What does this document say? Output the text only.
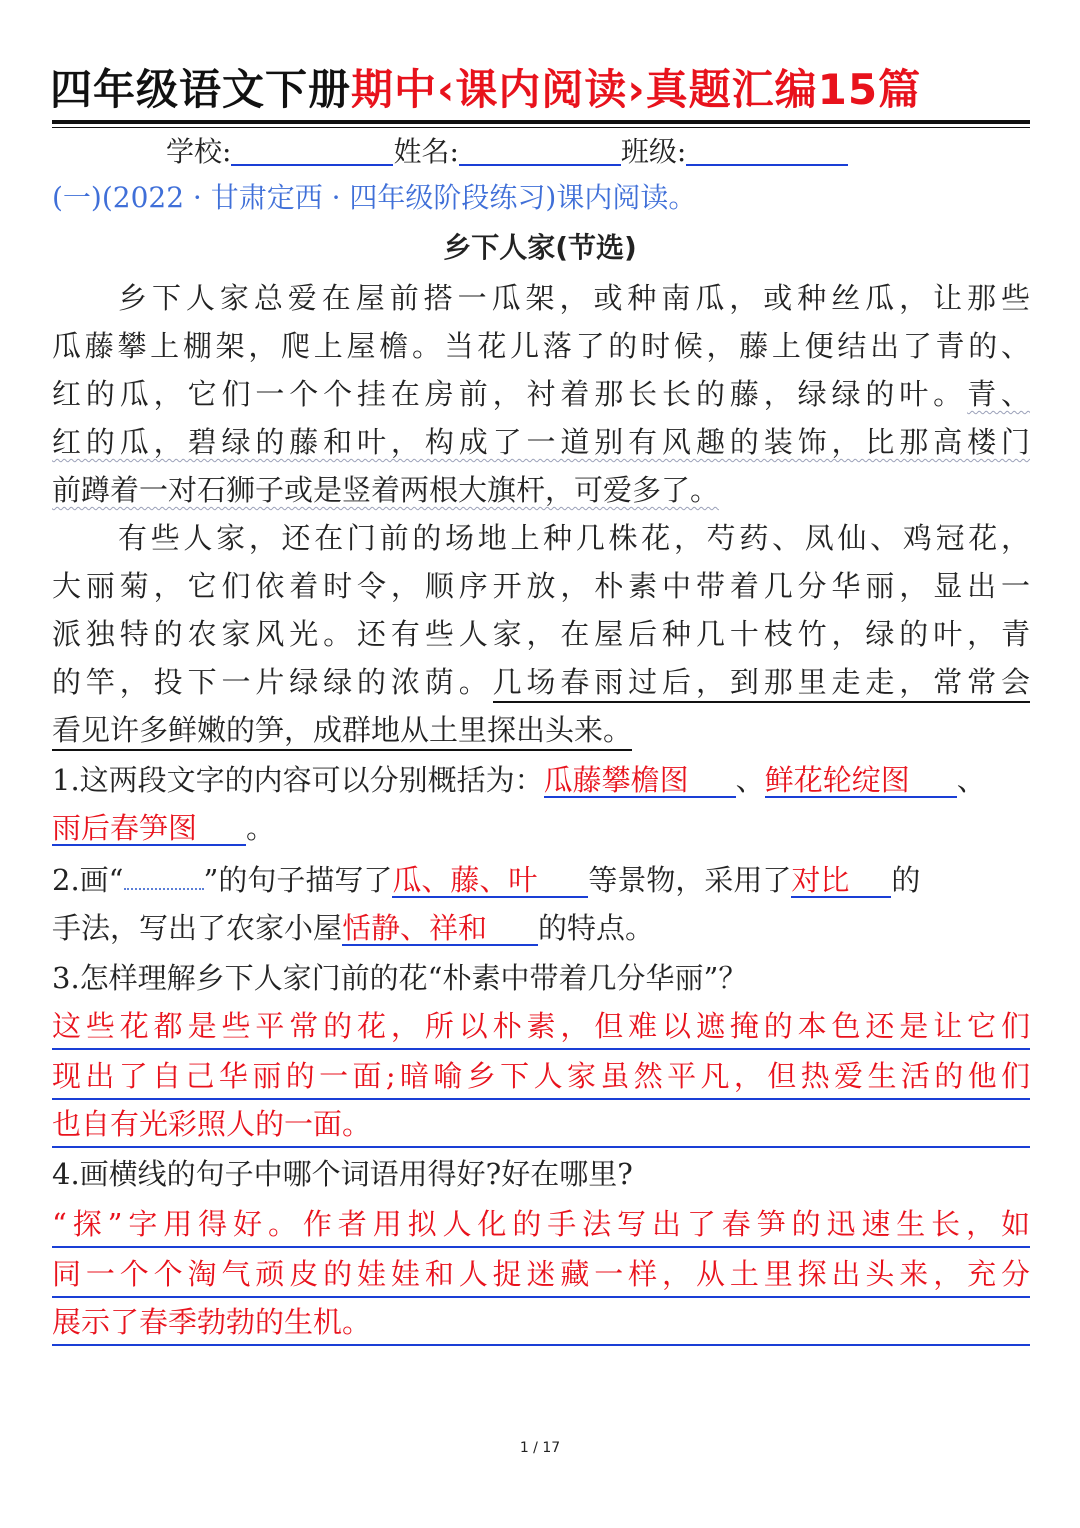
四年级语文下册期中‹课内阅读›真题汇编15篇
学校:	姓名:	班级:
(一)(2022 · 甘肃定西 · 四年级阶段练习)课内阅读。
乡下人家(节选)
乡下人家总爱在屋前搭一瓜架，或种南瓜，或种丝瓜，让那些
瓜藤攀上棚架，爬上屋檐。当花儿落了的时候，藤上便结出了青的、
红的瓜，它们一个个挂在房前，衬着那长长的藤，绿绿的叶。青、
红的瓜，碧绿的藤和叶，构成了一道别有风趣的装饰，比那高楼门
前蹲着一对石狮子或是竖着两根大旗杆，可爱多了。
有些人家，还在门前的场地上种几株花，芍药、凤仙、鸡冠花，
大丽菊，它们依着时令，顺序开放，朴素中带着几分华丽，显出一
派独特的农家风光。还有些人家，在屋后种几十枝竹，绿的叶，青
的竿，投下一片绿绿的浓荫。几场春雨过后，到那里走走，常常会
看见许多鲜嫩的笋，成群地从土里探出头来。
1.这两段文字的内容可以分别概括为：瓜藤攀檐图 、鲜花轮绽图 、
雨后春笋图 。
2.画“	”的句子描写了瓜、藤、叶 等景物，采用了对比 的
手法，写出了农家小屋恬静、祥和 的特点。
3.怎样理解乡下人家门前的花“朴素中带着几分华丽”？
这些花都是些平常的花，所以朴素，但难以遮掩的本色还是让它们
现出了自己华丽的一面;暗喻乡下人家虽然平凡，但热爱生活的他们
也自有光彩照人的一面。
4.画横线的句子中哪个词语用得好?好在哪里?
“探”字用得好。作者用拟人化的手法写出了春笋的迅速生长，如
同一个个淘气顽皮的娃娃和人捉迷藏一样，从土里探出头来，充分
展示了春季勃勃的生机。
1 / 17
